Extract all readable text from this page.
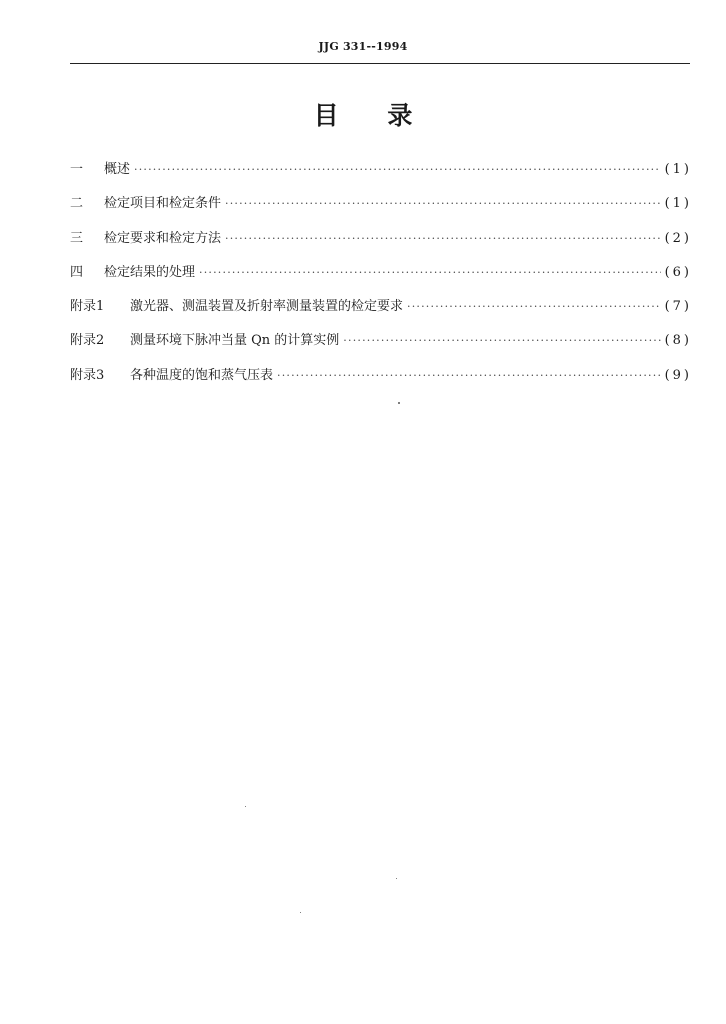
JJG 331--1994
目 录
一	概述 ·····	(1)
二	检定项目和检定条件 ·····	(1)
三	检定要求和检定方法 ·····	(2)
四	检定结果的处理 ·····	(6)
附录1	激光器、测温装置及折射率测量装置的检定要求 ·····	(7)
附录2	测量环境下脉冲当量 Qn 的计算实例 ·····	(8)
附录3	各种温度的饱和蒸气压表 ·····	(9)
